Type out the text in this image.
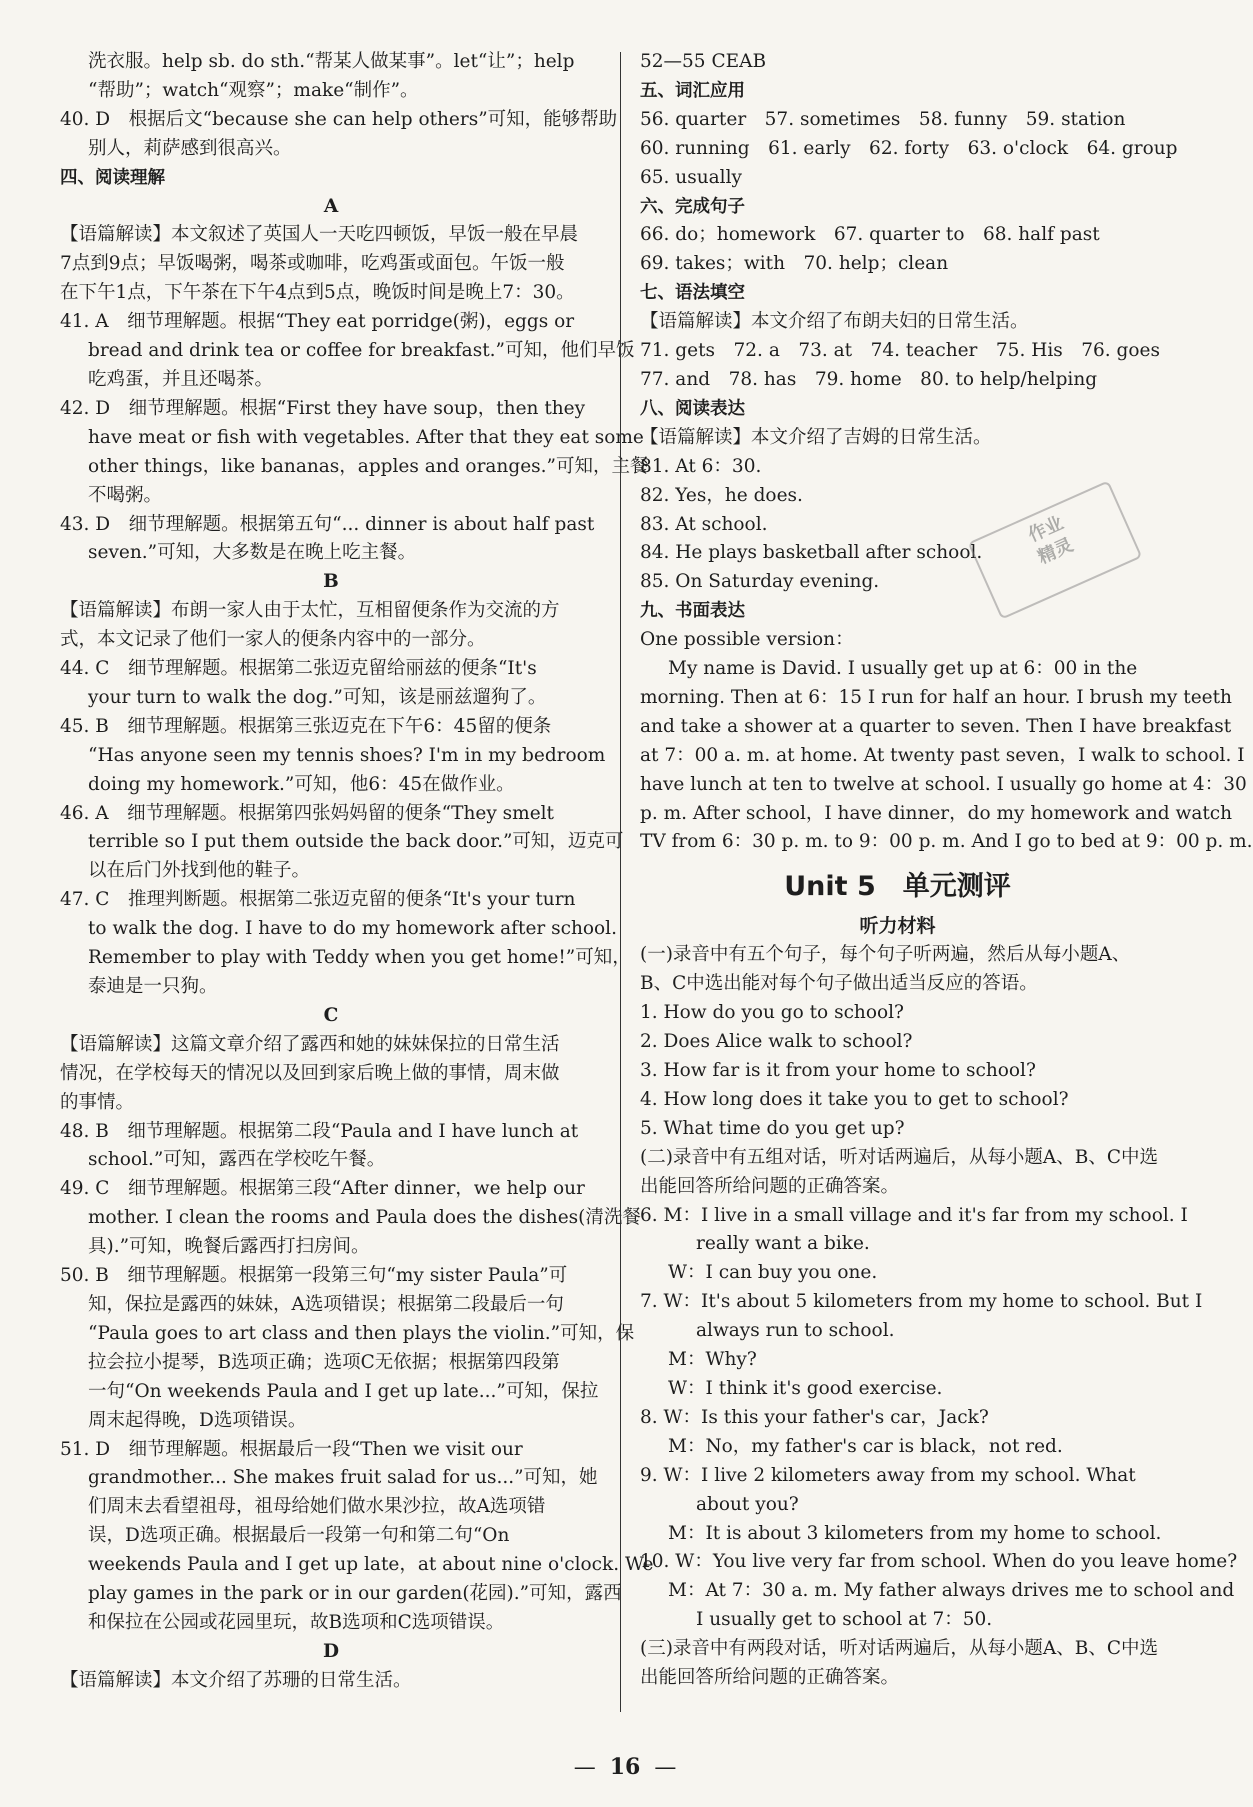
洗衣服。help sb. do sth.“帮某人做某事”。let“让”；help
“帮助”；watch“观察”；make“制作”。
40. D　根据后文“because she can help others”可知，能够帮助
别人，莉萨感到很高兴。
四、阅读理解
A
【语篇解读】本文叙述了英国人一天吃四顿饭，早饭一般在早晨
7点到9点；早饭喝粥，喝茶或咖啡，吃鸡蛋或面包。午饭一般
在下午1点，下午茶在下午4点到5点，晚饭时间是晚上7：30。
41. A　细节理解题。根据“They eat porridge(粥)，eggs or
bread and drink tea or coffee for breakfast.”可知，他们早饭
吃鸡蛋，并且还喝茶。
42. D　细节理解题。根据“First they have soup，then they
have meat or fish with vegetables. After that they eat some
other things，like bananas，apples and oranges.”可知，主餐
不喝粥。
43. D　细节理解题。根据第五句“... dinner is about half past
seven.”可知，大多数是在晚上吃主餐。
B
【语篇解读】布朗一家人由于太忙，互相留便条作为交流的方
式，本文记录了他们一家人的便条内容中的一部分。
44. C　细节理解题。根据第二张迈克留给丽兹的便条“It's
your turn to walk the dog.”可知，该是丽兹遛狗了。
45. B　细节理解题。根据第三张迈克在下午6：45留的便条
“Has anyone seen my tennis shoes? I'm in my bedroom
doing my homework.”可知，他6：45在做作业。
46. A　细节理解题。根据第四张妈妈留的便条“They smelt
terrible so I put them outside the back door.”可知，迈克可
以在后门外找到他的鞋子。
47. C　推理判断题。根据第二张迈克留的便条“It's your turn
to walk the dog. I have to do my homework after school.
Remember to play with Teddy when you get home!”可知，
泰迪是一只狗。
C
【语篇解读】这篇文章介绍了露西和她的妹妹保拉的日常生活
情况，在学校每天的情况以及回到家后晚上做的事情，周末做
的事情。
48. B　细节理解题。根据第二段“Paula and I have lunch at
school.”可知，露西在学校吃午餐。
49. C　细节理解题。根据第三段“After dinner，we help our
mother. I clean the rooms and Paula does the dishes(清洗餐
具).”可知，晚餐后露西打扫房间。
50. B　细节理解题。根据第一段第三句“my sister Paula”可
知，保拉是露西的妹妹，A选项错误；根据第二段最后一句
“Paula goes to art class and then plays the violin.”可知，保
拉会拉小提琴，B选项正确；选项C无依据；根据第四段第
一句“On weekends Paula and I get up late...”可知，保拉
周末起得晚，D选项错误。
51. D　细节理解题。根据最后一段“Then we visit our
grandmother... She makes fruit salad for us...”可知，她
们周末去看望祖母，祖母给她们做水果沙拉，故A选项错
误，D选项正确。根据最后一段第一句和第二句“On
weekends Paula and I get up late，at about nine o'clock. We
play games in the park or in our garden(花园).”可知，露西
和保拉在公园或花园里玩，故B选项和C选项错误。
D
【语篇解读】本文介绍了苏珊的日常生活。
52—55 CEAB
五、词汇应用
56. quarter　57. sometimes　58. funny　59. station
60. running　61. early　62. forty　63. o'clock　64. group
65. usually
六、完成句子
66. do；homework　67. quarter to　68. half past
69. takes；with　70. help；clean
七、语法填空
【语篇解读】本文介绍了布朗夫妇的日常生活。
71. gets　72. a　73. at　74. teacher　75. His　76. goes
77. and　78. has　79. home　80. to help/helping
八、阅读表达
【语篇解读】本文介绍了吉姆的日常生活。
81. At 6：30.
82. Yes，he does.
83. At school.
84. He plays basketball after school.
85. On Saturday evening.
九、书面表达
One possible version：
My name is David. I usually get up at 6：00 in the
morning. Then at 6：15 I run for half an hour. I brush my teeth
and take a shower at a quarter to seven. Then I have breakfast
at 7：00 a. m. at home. At twenty past seven，I walk to school. I
have lunch at ten to twelve at school. I usually go home at 4：30
p. m. After school，I have dinner，do my homework and watch
TV from 6：30 p. m. to 9：00 p. m. And I go to bed at 9：00 p. m.
Unit 5　单元测评
听力材料
(一)录音中有五个句子，每个句子听两遍，然后从每小题A、
B、C中选出能对每个句子做出适当反应的答语。
1. How do you go to school?
2. Does Alice walk to school?
3. How far is it from your home to school?
4. How long does it take you to get to school?
5. What time do you get up?
(二)录音中有五组对话，听对话两遍后，从每小题A、B、C中选
出能回答所给问题的正确答案。
6. M：I live in a small village and it's far from my school. I
really want a bike.
W：I can buy you one.
7. W：It's about 5 kilometers from my home to school. But I
always run to school.
M：Why?
W：I think it's good exercise.
8. W：Is this your father's car，Jack?
M：No，my father's car is black，not red.
9. W：I live 2 kilometers away from my school. What
about you?
M：It is about 3 kilometers from my home to school.
10. W：You live very far from school. When do you leave home?
M：At 7：30 a. m. My father always drives me to school and
I usually get to school at 7：50.
(三)录音中有两段对话，听对话两遍后，从每小题A、B、C中选
出能回答所给问题的正确答案。
作业
精灵
— 16 —
